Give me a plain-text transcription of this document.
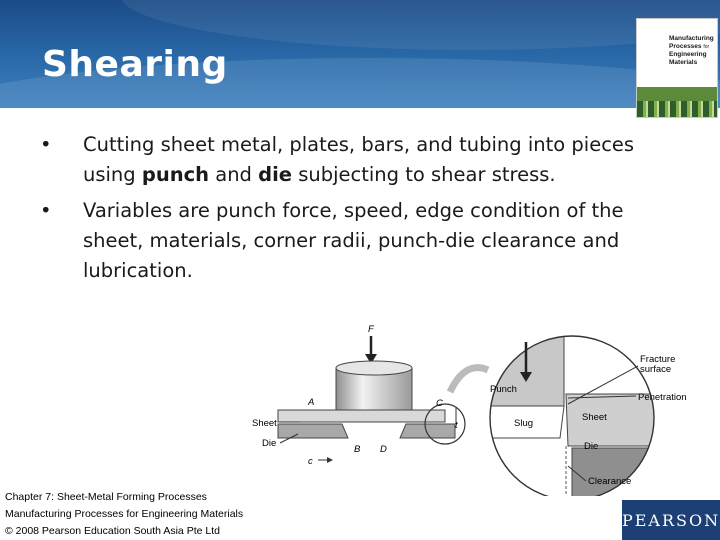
Shearing
Manufacturing
Processes for
Engineering
Materials
• Cutting sheet metal, plates, bars, and tubing into pieces using punch and die subjecting to shear stress.
• Variables are punch force, speed, edge condition of the sheet, materials, corner radii, punch-die clearance and lubrication.
F
A	C
B D
Sheet
Die
c
t
Punch
Slug
Sheet
Die
Fracture
surface
Penetration
Clearance
Chapter 7: Sheet-Metal Forming Processes
Manufacturing Processes for Engineering Materials
© 2008 Pearson Education South Asia Pte Ltd
PEARSON
